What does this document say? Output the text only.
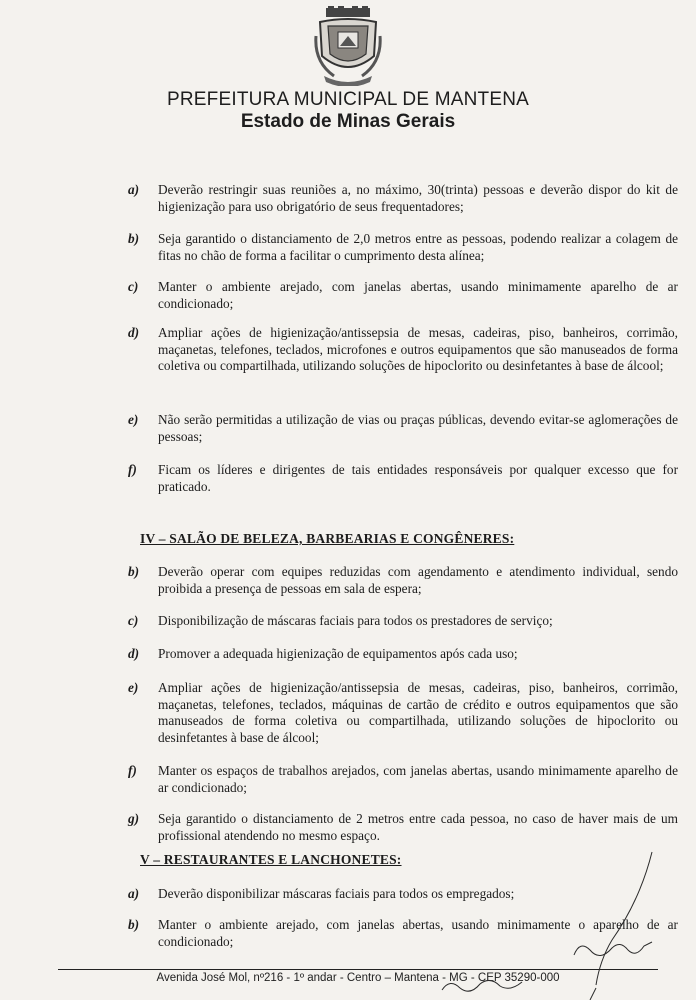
PREFEITURA MUNICIPAL DE MANTENA
Estado de Minas Gerais
a) Deverão restringir suas reuniões a, no máximo, 30(trinta) pessoas e deverão dispor do kit de higienização para uso obrigatório de seus frequentadores;
b) Seja garantido o distanciamento de 2,0 metros entre as pessoas, podendo realizar a colagem de fitas no chão de forma a facilitar o cumprimento desta alínea;
c) Manter o ambiente arejado, com janelas abertas, usando minimamente aparelho de ar condicionado;
d) Ampliar ações de higienização/antissepsia de mesas, cadeiras, piso, banheiros, corrimão, maçanetas, telefones, teclados, microfones e outros equipamentos que são manuseados de forma coletiva ou compartilhada, utilizando soluções de hipoclorito ou desinfetantes à base de álcool;
e) Não serão permitidas a utilização de vias ou praças públicas, devendo evitar-se aglomerações de pessoas;
f) Ficam os líderes e dirigentes de tais entidades responsáveis por qualquer excesso que for praticado.
IV – SALÃO DE BELEZA, BARBEARIAS E CONGÊNERES:
b) Deverão operar com equipes reduzidas com agendamento e atendimento individual, sendo proibida a presença de pessoas em sala de espera;
c) Disponibilização de máscaras faciais para todos os prestadores de serviço;
d) Promover a adequada higienização de equipamentos após cada uso;
e) Ampliar ações de higienização/antissepsia de mesas, cadeiras, piso, banheiros, corrimão, maçanetas, telefones, teclados, máquinas de cartão de crédito e outros equipamentos que são manuseados de forma coletiva ou compartilhada, utilizando soluções de hipoclorito ou desinfetantes à base de álcool;
f) Manter os espaços de trabalhos arejados, com janelas abertas, usando minimamente aparelho de ar condicionado;
g) Seja garantido o distanciamento de 2 metros entre cada pessoa, no caso de haver mais de um profissional atendendo no mesmo espaço.
V – RESTAURANTES E LANCHONETES:
a) Deverão disponibilizar máscaras faciais para todos os empregados;
b) Manter o ambiente arejado, com janelas abertas, usando minimamente o aparelho de ar condicionado;
Avenida José Mol, nº216 - 1º andar - Centro – Mantena - MG - CEP 35290-000
